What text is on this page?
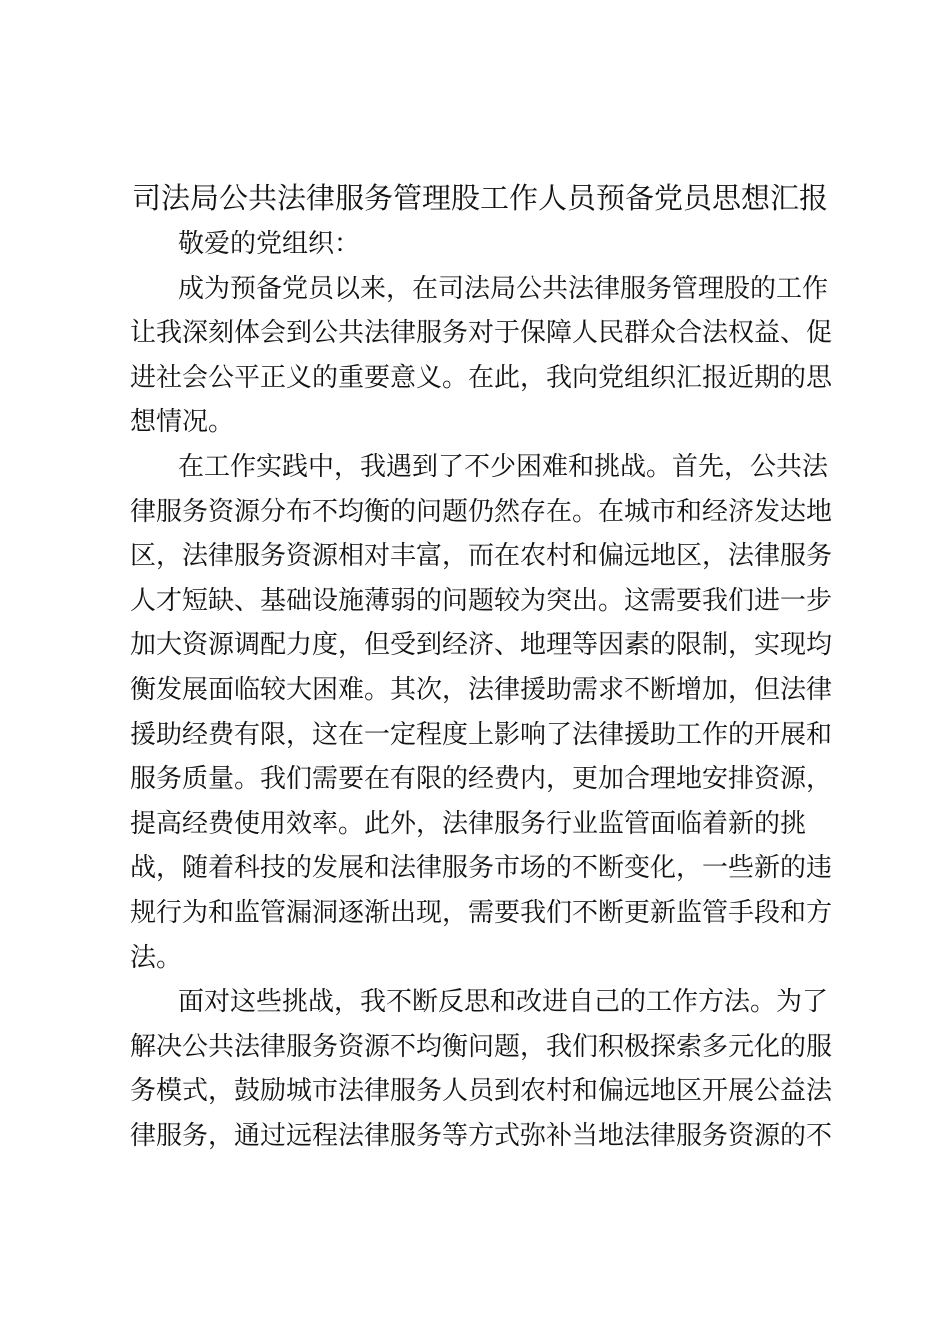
司法局公共法律服务管理股工作人员预备党员思想汇报

敬爱的党组织：

成为预备党员以来，在司法局公共法律服务管理股的工作
让我深刻体会到公共法律服务对于保障人民群众合法权益、促
进社会公平正义的重要意义。在此，我向党组织汇报近期的思
想情况。
在工作实践中，我遇到了不少困难和挑战。首先，公共法
律服务资源分布不均衡的问题仍然存在。在城市和经济发达地
区，法律服务资源相对丰富，而在农村和偏远地区，法律服务
人才短缺、基础设施薄弱的问题较为突出。这需要我们进一步
加大资源调配力度，但受到经济、地理等因素的限制，实现均
衡发展面临较大困难。其次，法律援助需求不断增加，但法律
援助经费有限，这在一定程度上影响了法律援助工作的开展和
服务质量。我们需要在有限的经费内，更加合理地安排资源，
提高经费使用效率。此外，法律服务行业监管面临着新的挑
战，随着科技的发展和法律服务市场的不断变化，一些新的违
规行为和监管漏洞逐渐出现，需要我们不断更新监管手段和方
法。
面对这些挑战，我不断反思和改进自己的工作方法。为了
解决公共法律服务资源不均衡问题，我们积极探索多元化的服
务模式，鼓励城市法律服务人员到农村和偏远地区开展公益法
律服务，通过远程法律服务等方式弥补当地法律服务资源的不
